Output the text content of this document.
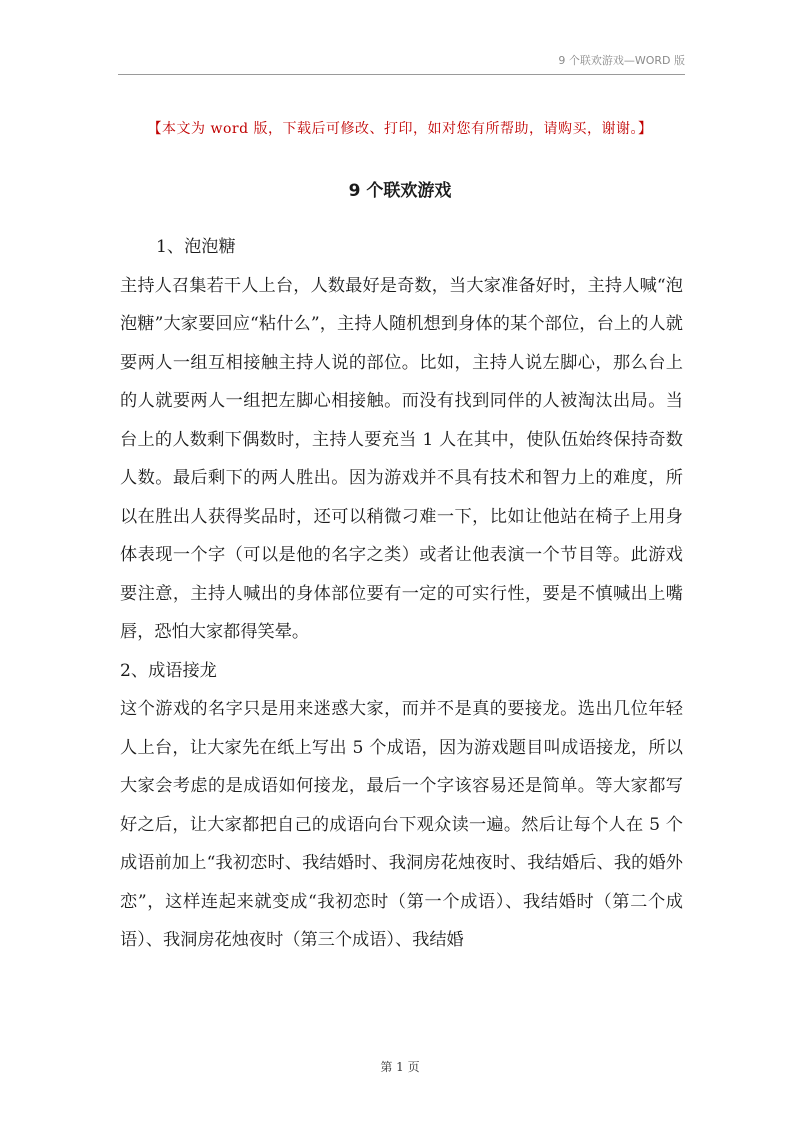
9 个联欢游戏—WORD 版
【本文为 word 版，下载后可修改、打印，如对您有所帮助，请购买，谢谢。】
9 个联欢游戏

1、泡泡糖

主持人召集若干人上台，人数最好是奇数，当大家准备好时，主持人喊“泡泡糖”大家要回应“粘什么”，主持人随机想到身体的某个部位，台上的人就要两人一组互相接触主持人说的部位。比如，主持人说左脚心，那么台上的人就要两人一组把左脚心相接触。而没有找到同伴的人被淘汰出局。当台上的人数剩下偶数时，主持人要充当 1 人在其中，使队伍始终保持奇数人数。最后剩下的两人胜出。因为游戏并不具有技术和智力上的难度，所以在胜出人获得奖品时，还可以稍微刁难一下，比如让他站在椅子上用身体表现一个字（可以是他的名字之类）或者让他表演一个节目等。此游戏要注意，主持人喊出的身体部位要有一定的可实行性，要是不慎喊出上嘴唇，恐怕大家都得笑晕。

2、成语接龙

这个游戏的名字只是用来迷惑大家，而并不是真的要接龙。选出几位年轻人上台，让大家先在纸上写出 5 个成语，因为游戏题目叫成语接龙，所以大家会考虑的是成语如何接龙，最后一个字该容易还是简单。等大家都写好之后，让大家都把自己的成语向台下观众读一遍。然后让每个人在 5 个成语前加上“我初恋时、我结婚时、我洞房花烛夜时、我结婚后、我的婚外恋”，这样连起来就变成“我初恋时（第一个成语）、我结婚时（第二个成语）、我洞房花烛夜时（第三个成语）、我结婚

第 1 页
